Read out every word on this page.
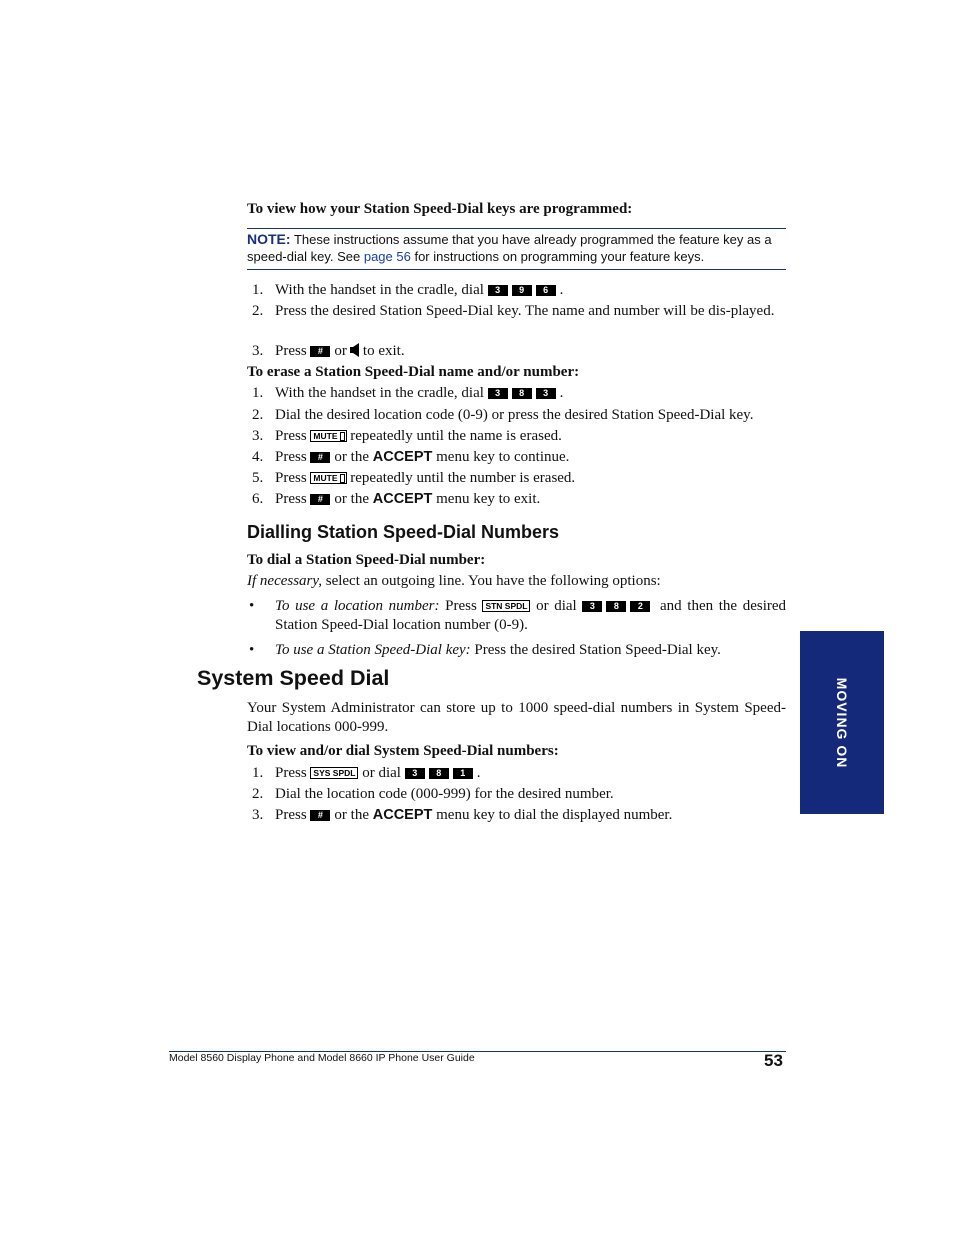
To view how your Station Speed-Dial keys are programmed:
NOTE: These instructions assume that you have already programmed the feature key as a speed-dial key. See page 56 for instructions on programming your feature keys.
1. With the handset in the cradle, dial 3 9 6 .
2. Press the desired Station Speed-Dial key. The name and number will be dis-played.
3. Press # or to exit.
To erase a Station Speed-Dial name and/or number:
1. With the handset in the cradle, dial 3 8 3 .
2. Dial the desired location code (0-9) or press the desired Station Speed-Dial key.
3. Press MUTE repeatedly until the name is erased.
4. Press # or the ACCEPT menu key to continue.
5. Press MUTE repeatedly until the number is erased.
6. Press # or the ACCEPT menu key to exit.
Dialling Station Speed-Dial Numbers
To dial a Station Speed-Dial number:
If necessary, select an outgoing line. You have the following options:
• To use a location number: Press STN SPDL or dial 3 8 2 and then the desired Station Speed-Dial location number (0-9).
• To use a Station Speed-Dial key: Press the desired Station Speed-Dial key.
System Speed Dial
Your System Administrator can store up to 1000 speed-dial numbers in System Speed-Dial locations 000-999.
To view and/or dial System Speed-Dial numbers:
1. Press SYS SPDL or dial 3 8 1 .
2. Dial the location code (000-999) for the desired number.
3. Press # or the ACCEPT menu key to dial the displayed number.
MOVING ON
Model 8560 Display Phone and Model 8660 IP Phone User Guide	53
